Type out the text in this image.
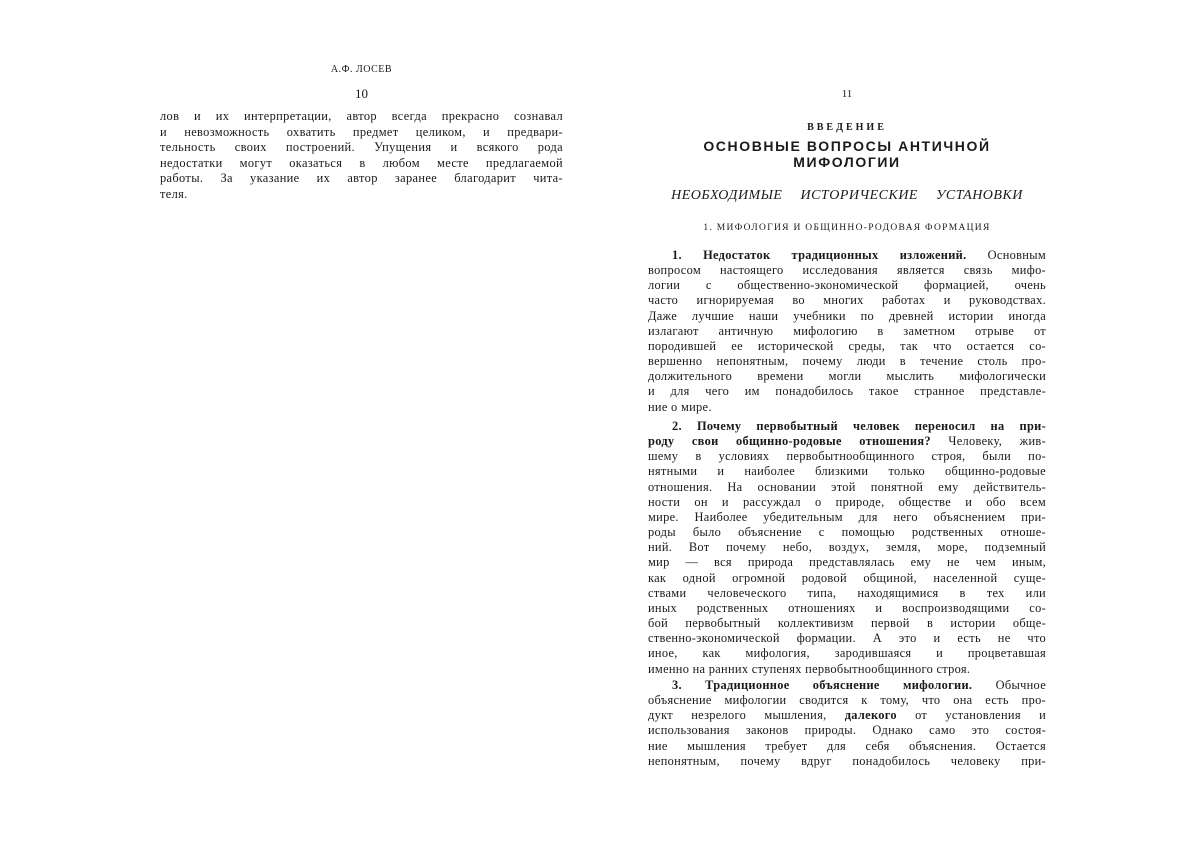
А.Ф. ЛОСЕВ
10

лов и их интерпретации, автор всегда прекрасно сознавал
и невозможность охватить предмет целиком, и предвари-
тельность своих построений. Упущения и всякого рода
недостатки могут оказаться в любом месте предлагаемой
работы. За указание их автор заранее благодарит чита-
теля.

11
ВВЕДЕНИЕ
ОСНОВНЫЕ ВОПРОСЫ АНТИЧНОЙ МИФОЛОГИИ
НЕОБХОДИМЫЕ ИСТОРИЧЕСКИЕ УСТАНОВКИ
1. МИФОЛОГИЯ И ОБЩИННО-РОДОВАЯ ФОРМАЦИЯ

1. Недостаток традиционных изложений. Основным
вопросом настоящего исследования является связь мифо-
логии с общественно-экономической формацией, очень
часто игнорируемая во многих работах и руководствах.
Даже лучшие наши учебники по древней истории иногда
излагают античную мифологию в заметном отрыве от
породившей ее исторической среды, так что остается со-
вершенно непонятным, почему люди в течение столь про-
должительного времени могли мыслить мифологически
и для чего им понадобилось такое странное представле-
ние о мире.

2. Почему первобытный человек переносил на при-
роду свои общинно-родовые отношения? Человеку, жив-
шему в условиях первобытнообщинного строя, были по-
нятными и наиболее близкими только общинно-родовые
отношения. На основании этой понятной ему действитель-
ности он и рассуждал о природе, обществе и обо всем
мире. Наиболее убедительным для него объяснением при-
роды было объяснение с помощью родственных отноше-
ний. Вот почему небо, воздух, земля, море, подземный
мир — вся природа представлялась ему не чем иным,
как одной огромной родовой общиной, населенной суще-
ствами человеческого типа, находящимися в тех или
иных родственных отношениях и воспроизводящими со-
бой первобытный коллективизм первой в истории обще-
ственно-экономической формации. А это и есть не что
иное, как мифология, зародившаяся и процветавшая
именно на ранних ступенях первобытнообщинного строя.

3. Традиционное объяснение мифологии. Обычное
объяснение мифологии сводится к тому, что она есть про-
дукт незрелого мышления, далекого от установления и
использования законов природы. Однако само это состоя-
ние мышления требует для себя объяснения. Остается
непонятным, почему вдруг понадобилось человеку при-
